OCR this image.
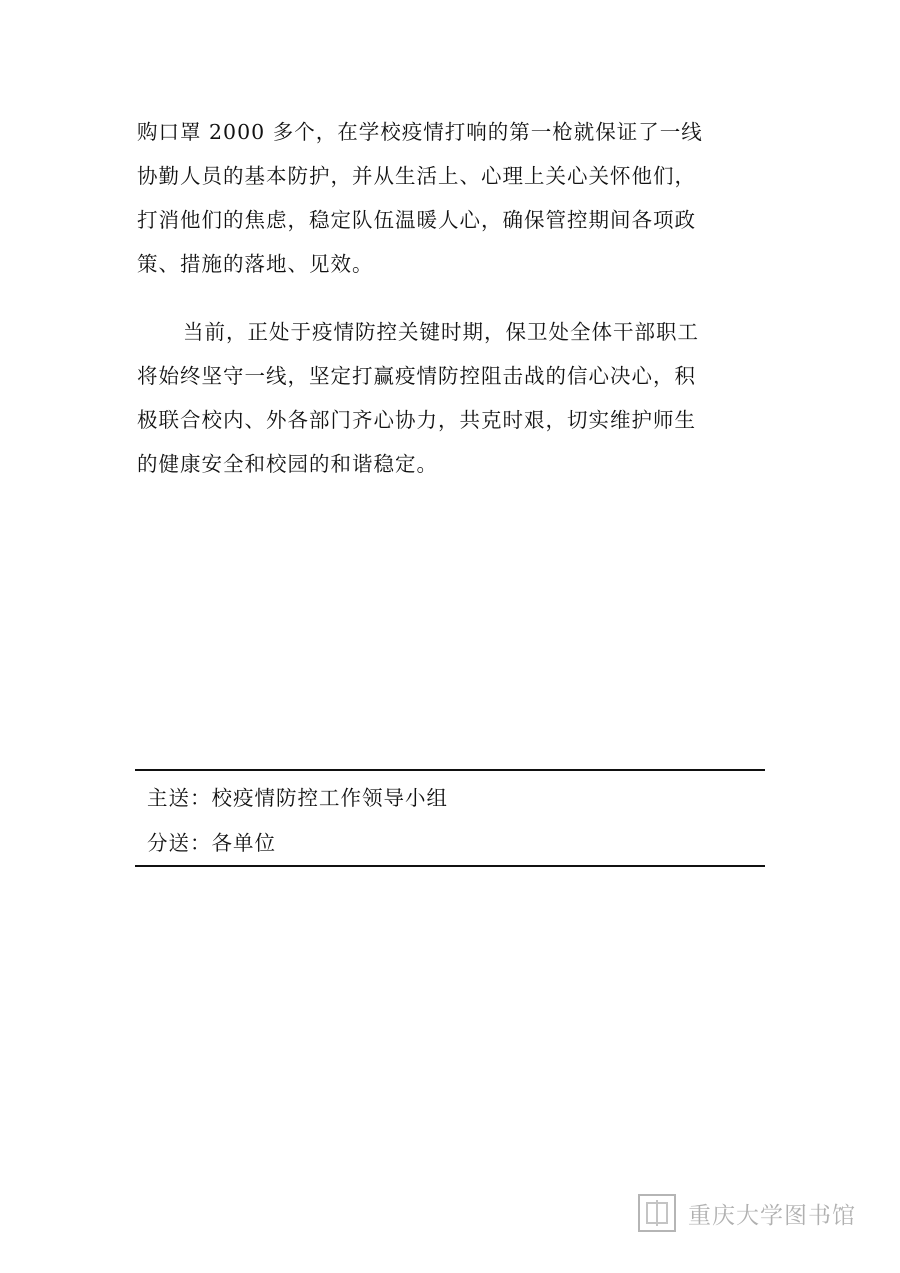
购口罩 2000 多个，在学校疫情打响的第一枪就保证了一线
协勤人员的基本防护，并从生活上、心理上关心关怀他们，
打消他们的焦虑，稳定队伍温暖人心，确保管控期间各项政
策、措施的落地、见效。
当前，正处于疫情防控关键时期，保卫处全体干部职工
将始终坚守一线，坚定打赢疫情防控阻击战的信心决心，积
极联合校内、外各部门齐心协力，共克时艰，切实维护师生
的健康安全和校园的和谐稳定。
主送：校疫情防控工作领导小组
分送：各单位
重庆大学图书馆
